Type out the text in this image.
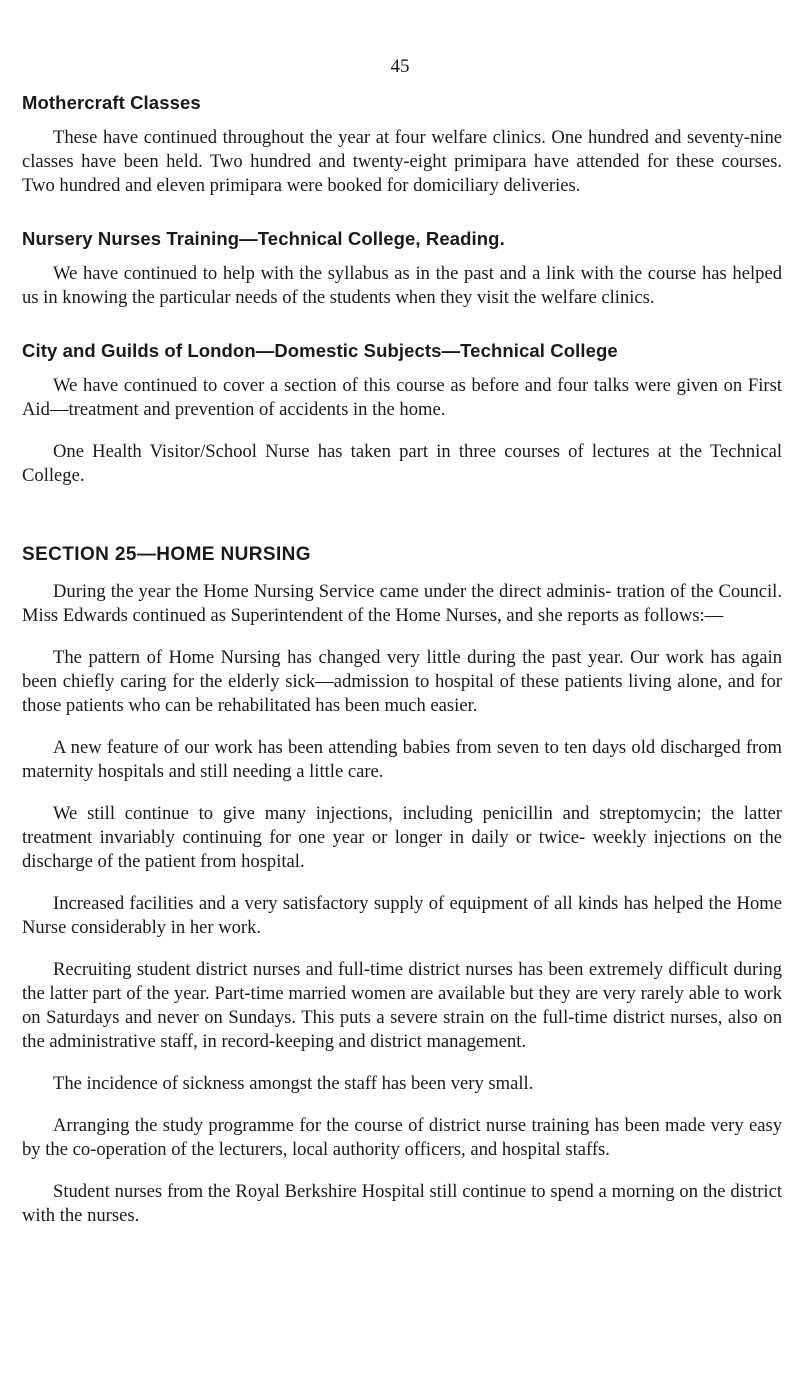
45
Mothercraft Classes

These have continued throughout the year at four welfare clinics. One hundred and seventy-nine classes have been held. Two hundred and twenty-eight primipara have attended for these courses. Two hundred and eleven primipara were booked for domiciliary deliveries.

Nursery Nurses Training—Technical College, Reading.

We have continued to help with the syllabus as in the past and a link with the course has helped us in knowing the particular needs of the students when they visit the welfare clinics.

City and Guilds of London—Domestic Subjects—Technical College

We have continued to cover a section of this course as before and four talks were given on First Aid—treatment and prevention of accidents in the home.

One Health Visitor/School Nurse has taken part in three courses of lectures at the Technical College.

SECTION 25—HOME NURSING

During the year the Home Nursing Service came under the direct adminis- tration of the Council. Miss Edwards continued as Superintendent of the Home Nurses, and she reports as follows:—

The pattern of Home Nursing has changed very little during the past year. Our work has again been chiefly caring for the elderly sick—admission to hospital of these patients living alone, and for those patients who can be rehabilitated has been much easier.

A new feature of our work has been attending babies from seven to ten days old discharged from maternity hospitals and still needing a little care.

We still continue to give many injections, including penicillin and streptomycin; the latter treatment invariably continuing for one year or longer in daily or twice- weekly injections on the discharge of the patient from hospital.

Increased facilities and a very satisfactory supply of equipment of all kinds has helped the Home Nurse considerably in her work.

Recruiting student district nurses and full-time district nurses has been extremely difficult during the latter part of the year. Part-time married women are available but they are very rarely able to work on Saturdays and never on Sundays. This puts a severe strain on the full-time district nurses, also on the administrative staff, in record-keeping and district management.

The incidence of sickness amongst the staff has been very small.

Arranging the study programme for the course of district nurse training has been made very easy by the co-operation of the lecturers, local authority officers, and hospital staffs.

Student nurses from the Royal Berkshire Hospital still continue to spend a morning on the district with the nurses.
